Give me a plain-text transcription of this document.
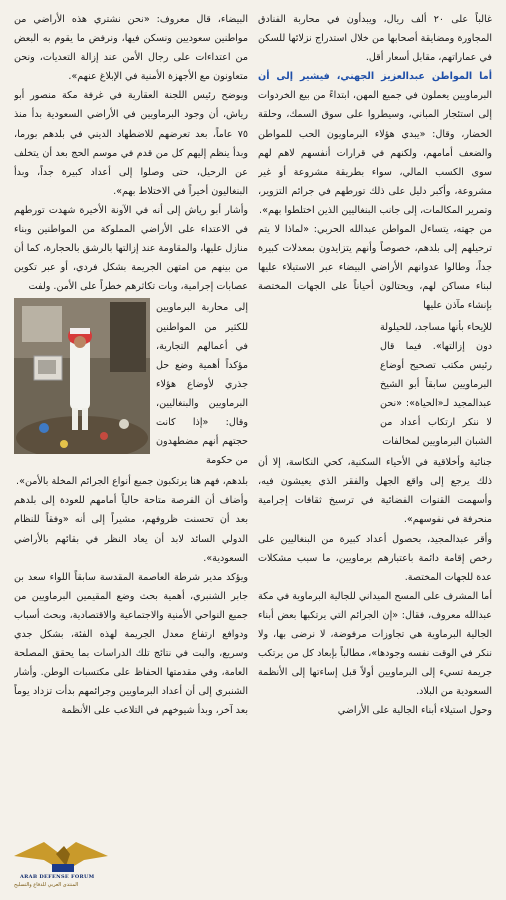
غالباً على ٢٠ ألف ريال، ويبدأون في محاربة الفنادق المجاورة ومضايقة أصحابها من خلال استدراج نزلائها للسكن في عماراتهم، مقابل أسعار أقل.

أما المواطن عبدالعزيز الجهني، فيشير إلى أن البرماويين يعملون في جميع المهن، ابتداءً من بيع الخردوات إلى استئجار المباني، وسيطروا على سوق السمك، وحلقة الخضار، وقال: «يبدي هؤلاء البرماويون الحب للمواطن والضعف أمامهم، ولكنهم في قرارات أنفسهم لاهم لهم سوى الكسب المالي، سواء بطريقة مشروعة أو غير مشروعة، وأكبر دليل على ذلك تورطهم في جرائم التزوير، وتمرير المكالمات، إلى جانب البنغاليين الذين اختلطوا بهم».

من جهته، يتساءل المواطن عبدالله الحربي: «لماذا لا يتم ترحيلهم إلى بلدهم، خصوصاً وأنهم يتزايدون بمعدلات كبيرة جداً، وطالوا عدوانهم الأراضي البيضاء عبر الاستيلاء عليها لبناء مساكن لهم، ويحتالون أحياناً على الجهات المختصة بإنشاء مآذن عليها

للإيحاء بأنها مساجد، للحيلولة دون إزالتها». فيما قال رئيس مكتب تصحيح أوضاع البرماويين سابقاً أبو الشيخ عبدالمجيد لـ«الحياة»: «نحن لا ننكر ارتكاب أعداد من الشبان البرماويين لمخالفات

جنائية وأخلاقية في الأحياء السكنية، كحي النكاسة، إلا أن ذلك يرجع إلى واقع الجهل والفقر الذي يعيشون فيه، وأسهمت القنوات الفضائية في ترسيخ ثقافات إجرامية منحرفة في نفوسهم».

وأقر عبدالمجيد، بحصول أعداد كبيرة من البنغاليين على رخص إقامة دائمة باعتبارهم برماويين، ما سبب مشكلات عدة للجهات المختصة.

أما المشرف على المسح الميداني للجالية البرماوية في مكة عبدالله معروف، فقال: «إن الجرائم التي يرتكبها بعض أبناء الجالية البرماوية هي تجاوزات مرفوضة، لا نرضى بها، ولا ننكر في الوقت نفسه وجودها»، مطالباً بإبعاد كل من يرتكب جريمة تسيء إلى البرماويين أولاً قبل إساءتها إلى الأنظمة السعودية من البلاد.

وحول استيلاء أبناء الجالية على الأراضي

البيضاء، قال معروف: «نحن نشتري هذه الأراضي من مواطنين سعوديين ونسكن فيها، ونرفض ما يقوم به البعض من اعتداءات على رجال الأمن عند إزالة التعديات، ونحن متعاونون مع الأجهزة الأمنية في الإبلاغ عنهم».

ويوضح رئيس اللجنة العقارية في غرفة مكة منصور أبو رياش، أن وجود البرماويين في الأراضي السعودية بدأ منذ ٧٥ عاماً، بعد تعرضهم للاضطهاد الديني في بلدهم بورما، وبدأ ينظم إليهم كل من قدم في موسم الحج بعد أن يتخلف عن الرحيل، حتى وصلوا إلى أعداد كبيرة جداً، وبدأ البنغاليون أخيراً في الاختلاط بهم».

وأشار أبو رياش إلى أنه في الآونة الأخيرة شهدت تورطهم في الاعتداء على الأراضي المملوكة من المواطنين وبناء منازل عليها، والمقاومة عند إزالتها بالرشق بالحجارة، كما أن من بينهم من امتهن الجريمة بشكل فردي، أو عبر تكوين عصابات إجرامية، وبات تكاثرهم خطراً على الأمن. ولفت

إلى محاربة البرماويين للكثير من المواطنين في أعمالهم التجارية، مؤكداً أهمية وضع حل جذري لأوضاع هؤلاء البرماويين والبنغاليين، وقال: «إذا كانت حجتهم أنهم مضطهدون من حكومة

بلدهم، فهم هنا يرتكبون جميع أنواع الجرائم المخلة بالأمن».

وأضاف أن الفرصة متاحة حالياً أمامهم للعودة إلى بلدهم بعد أن تحسنت ظروفهم، مشيراً إلى أنه «وفقاً للنظام الدولي السائد لابد أن يعاد النظر في بقائهم بالأراضي السعودية».

ويؤكد مدير شرطة العاصمة المقدسة سابقاً اللواء سعد بن جابر الشنبري، أهمية بحث وضع المقيمين البرماويين من جميع النواحي الأمنية والاجتماعية والاقتصادية، وبحث أسباب ودوافع ارتفاع معدل الجريمة لهذه الفئة، بشكل جدي وسريع، والبت في نتائج تلك الدراسات بما يحقق المصلحة العامة، وفي مقدمتها الحفاظ على مكتسبات الوطن. وأشار الشنبري إلى أن أعداد البرماويين وجرائمهم بدأت تزداد يوماً بعد آخر، وبدأ شيوخهم في التلاعب على الأنظمة

ARAB DEFENSE FORUM
المنتدى العربي للدفاع والتسليح
